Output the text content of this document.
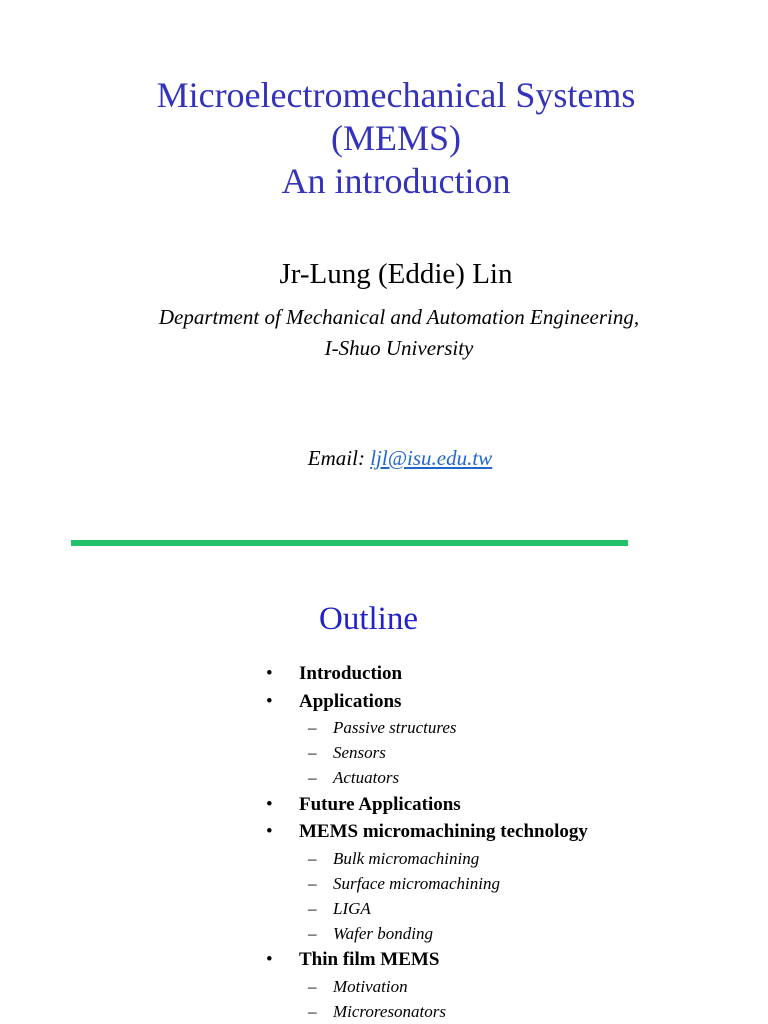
Microelectromechanical Systems
(MEMS)
An introduction
Jr-Lung (Eddie) Lin
Department of Mechanical and Automation Engineering,
I-Shuo University
Email: ljl@isu.edu.tw
Outline
• Introduction
• Applications
– Passive structures
– Sensors
– Actuators
• Future Applications
• MEMS micromachining technology
– Bulk micromachining
– Surface micromachining
– LIGA
– Wafer bonding
• Thin film MEMS
– Motivation
– Microresonators
